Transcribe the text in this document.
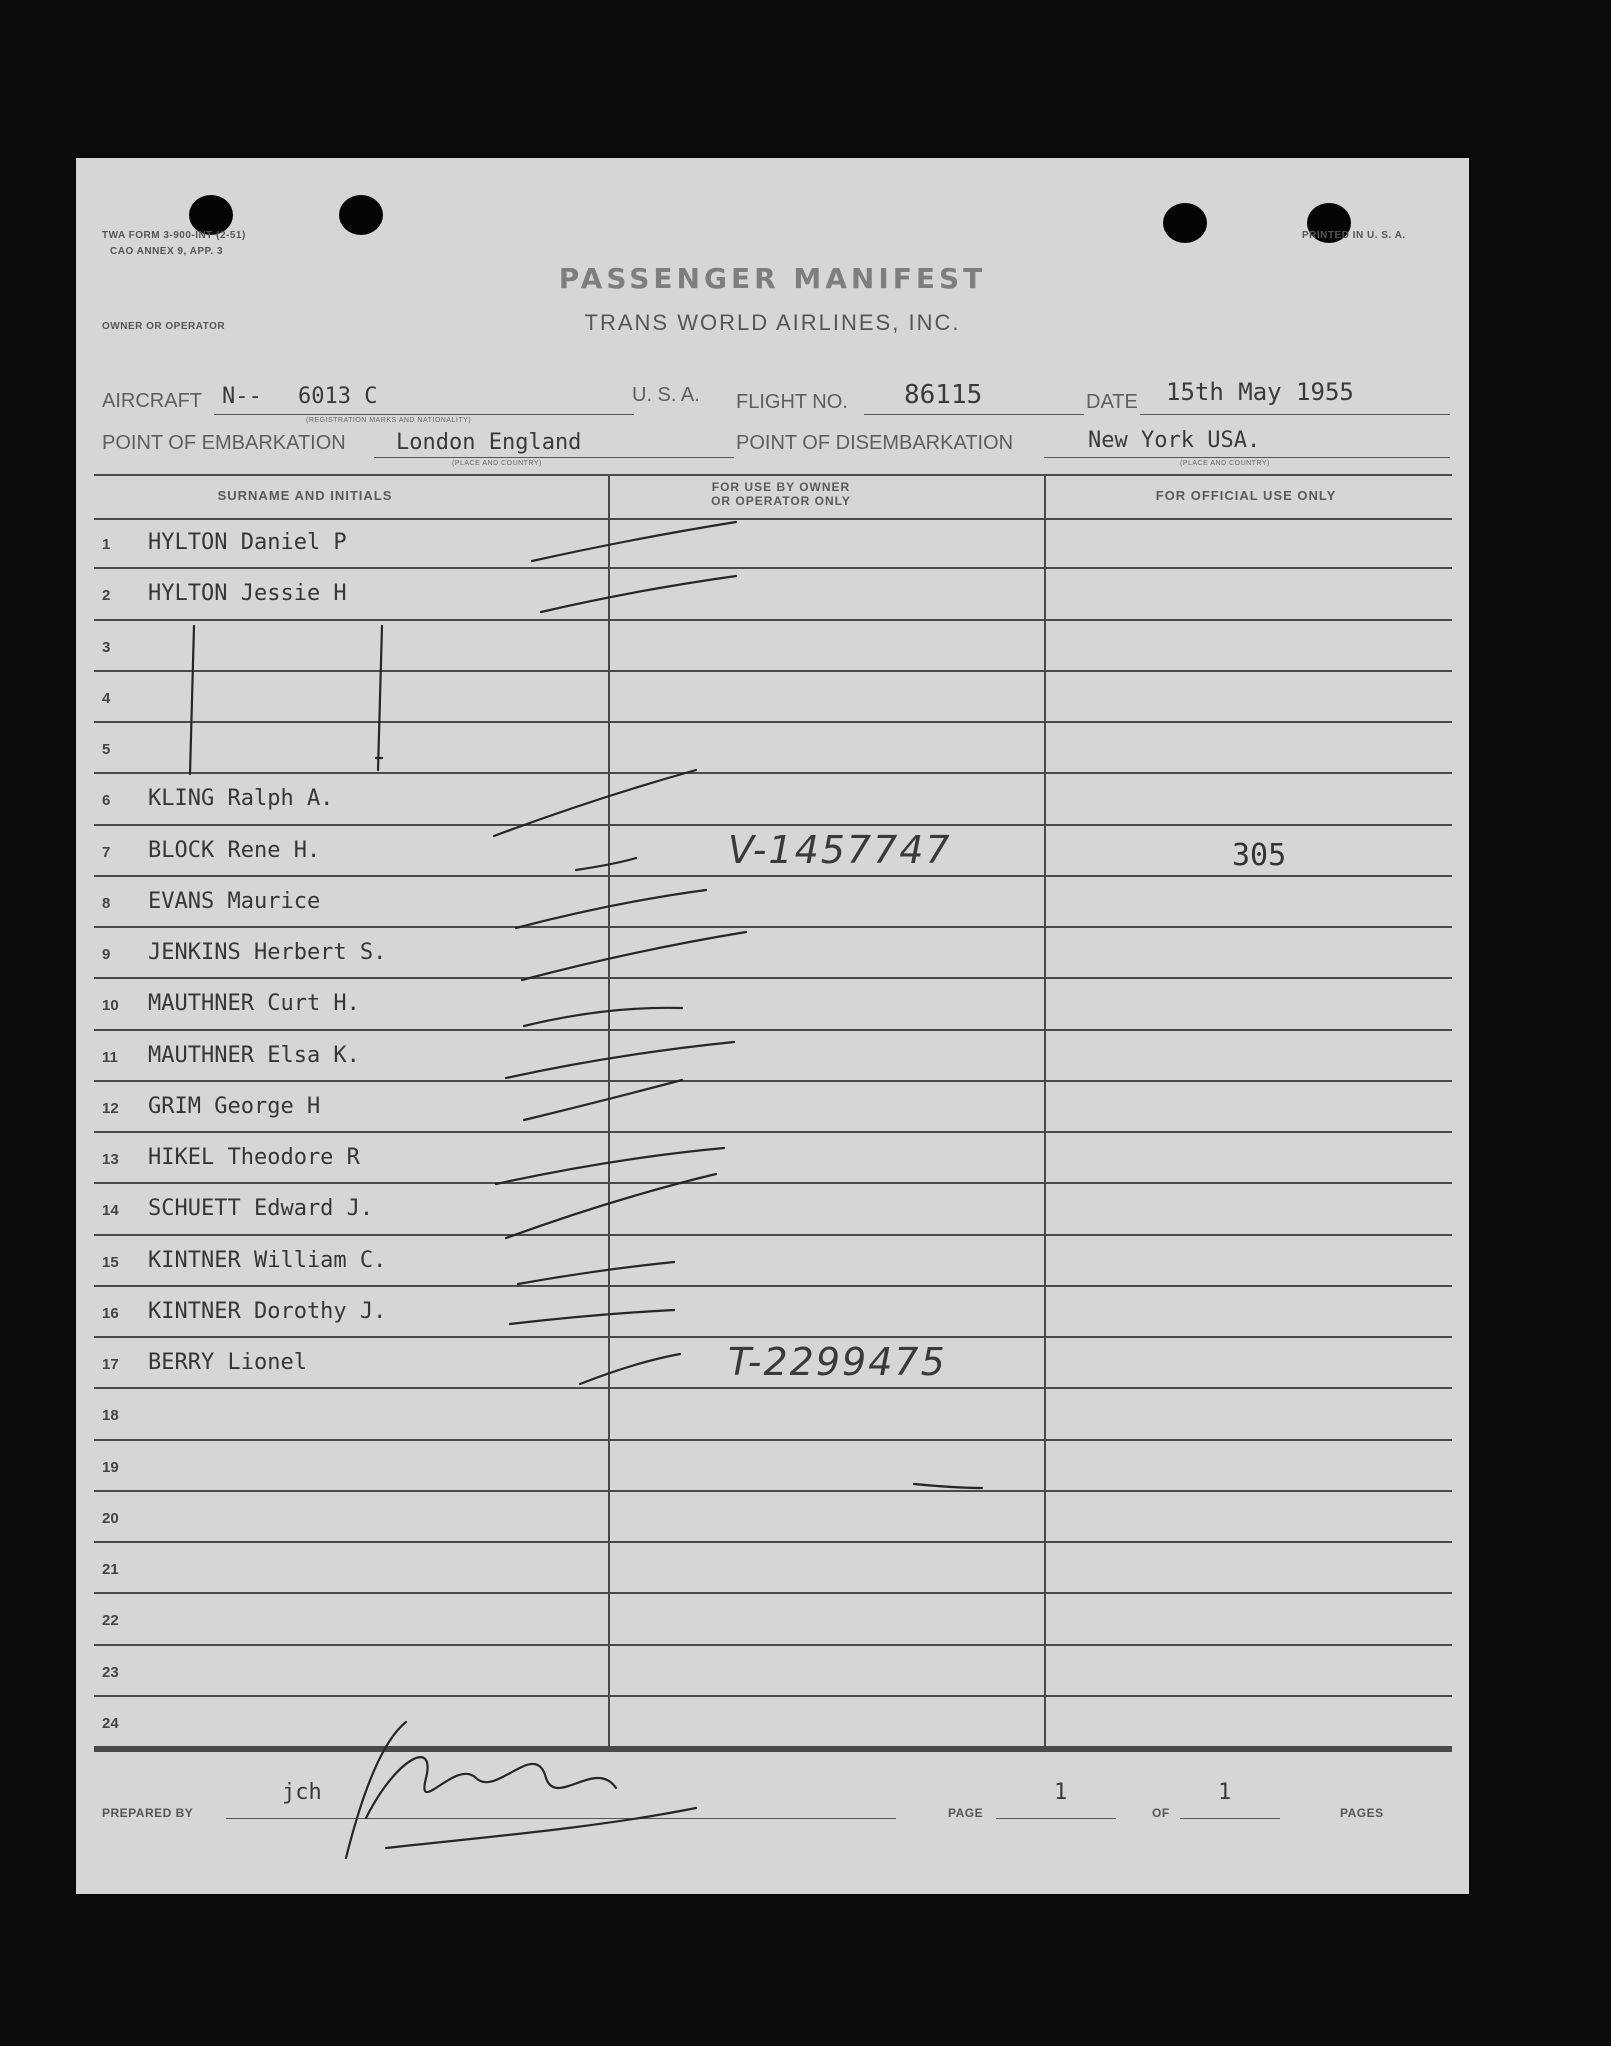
TWA FORM 3-900-INT (2-51)
CAO ANNEX 9, APP. 3
PRINTED IN U. S. A.
PASSENGER MANIFEST
TRANS WORLD AIRLINES, INC.
OWNER OR OPERATOR
AIRCRAFT N-- 6013 C
(REGISTRATION MARKS AND NATIONALITY)
U. S. A. FLIGHT NO. 86115	DATE 15th May 1955
POINT OF EMBARKATION London England
(PLACE AND COUNTRY)
POINT OF DISEMBARKATION	New York USA.
(PLACE AND COUNTRY)
SURNAME AND INITIALS
FOR USE BY OWNER
OR OPERATOR ONLY	FOR OFFICIAL USE ONLY
1 HYLTON Daniel P
2 HYLTON Jessie H
3
4
5
6 KLING Ralph A.
7 BLOCK Rene H.	V-1457747	305
8 EVANS Maurice
9 JENKINS Herbert S.
10 MAUTHNER Curt H.
11 MAUTHNER Elsa K.
12 GRIM George H
13 HIKEL Theodore R
14 SCHUETT Edward J.
15 KINTNER William C.
16 KINTNER Dorothy J.
17 BERRY Lionel	T-2299475
18
19
20
21
22
23
24
PREPARED BY
jch
PAGE
1
OF
1
PAGES
